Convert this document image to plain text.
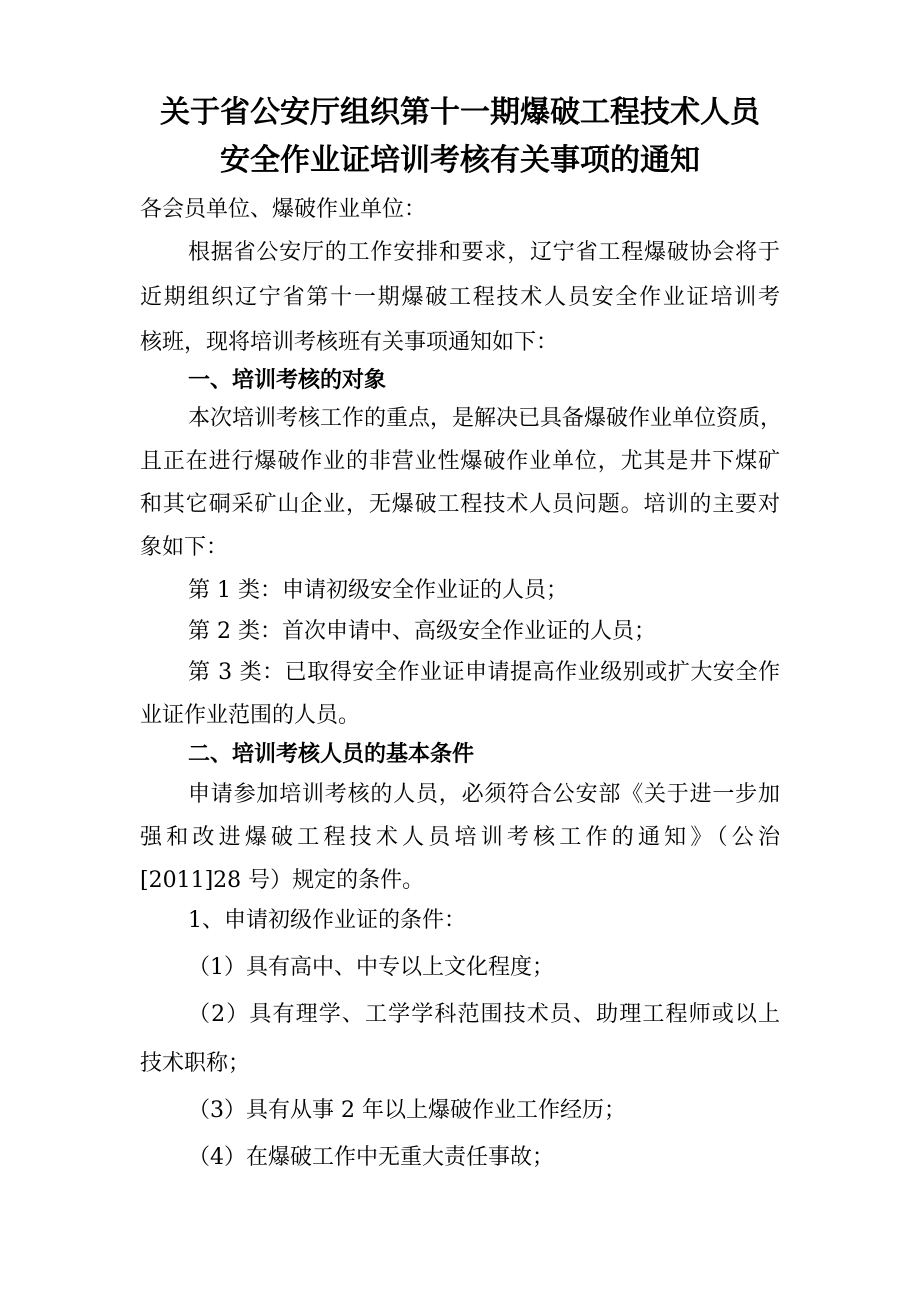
关于省公安厅组织第十一期爆破工程技术人员
安全作业证培训考核有关事项的通知

各会员单位、爆破作业单位：

根据省公安厅的工作安排和要求，辽宁省工程爆破协会将于

近期组织辽宁省第十一期爆破工程技术人员安全作业证培训考

核班，现将培训考核班有关事项通知如下：

一、培训考核的对象

本次培训考核工作的重点，是解决已具备爆破作业单位资质，

且正在进行爆破作业的非营业性爆破作业单位，尤其是井下煤矿

和其它硐采矿山企业，无爆破工程技术人员问题。培训的主要对

象如下：

第 1 类：申请初级安全作业证的人员；

第 2 类：首次申请中、高级安全作业证的人员；

第 3 类：已取得安全作业证申请提高作业级别或扩大安全作

业证作业范围的人员。

二、培训考核人员的基本条件

申请参加培训考核的人员，必须符合公安部《关于进一步加

强和改进爆破工程技术人员培训考核工作的通知》（公治

[2011]28 号）规定的条件。

1、申请初级作业证的条件：

（1）具有高中、中专以上文化程度；

（2）具有理学、工学学科范围技术员、助理工程师或以上

技术职称；

（3）具有从事 2 年以上爆破作业工作经历；

（4）在爆破工作中无重大责任事故；
